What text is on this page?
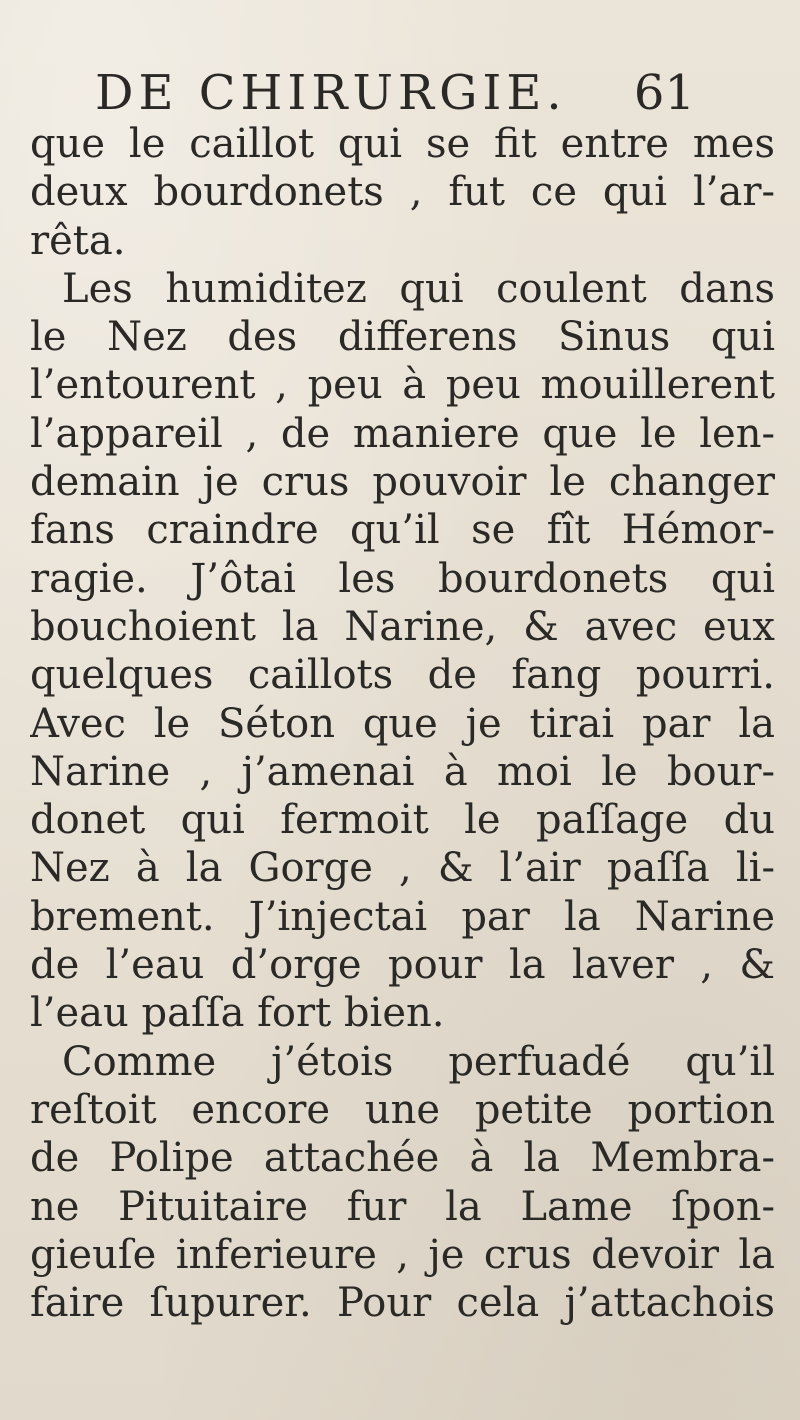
DE CHIRURGIE. 61
que le caillot qui se fit entre mes
deux bourdonets , fut ce qui l’ar-
rêta.
Les humiditez qui coulent dans
le Nez des differens Sinus qui
l’entourent , peu à peu mouillerent
l’appareil , de maniere que le len-
demain je crus pouvoir le changer
fans craindre qu’il se fît Hémor-
ragie. J’ôtai les bourdonets qui
bouchoient la Narine, & avec eux
quelques caillots de fang pourri.
Avec le Séton que je tirai par la
Narine , j’amenai à moi le bour-
donet qui fermoit le paſſage du
Nez à la Gorge , & l’air paſſa li-
brement. J’injectai par la Narine
de l’eau d’orge pour la laver , &
l’eau paſſa fort bien.
Comme j’étois perfuadé qu’il
reſtoit encore une petite portion
de Polipe attachée à la Membra-
ne Pituitaire fur la Lame ſpon-
gieuſe inferieure , je crus devoir la
faire ſupurer. Pour cela j’attachois
